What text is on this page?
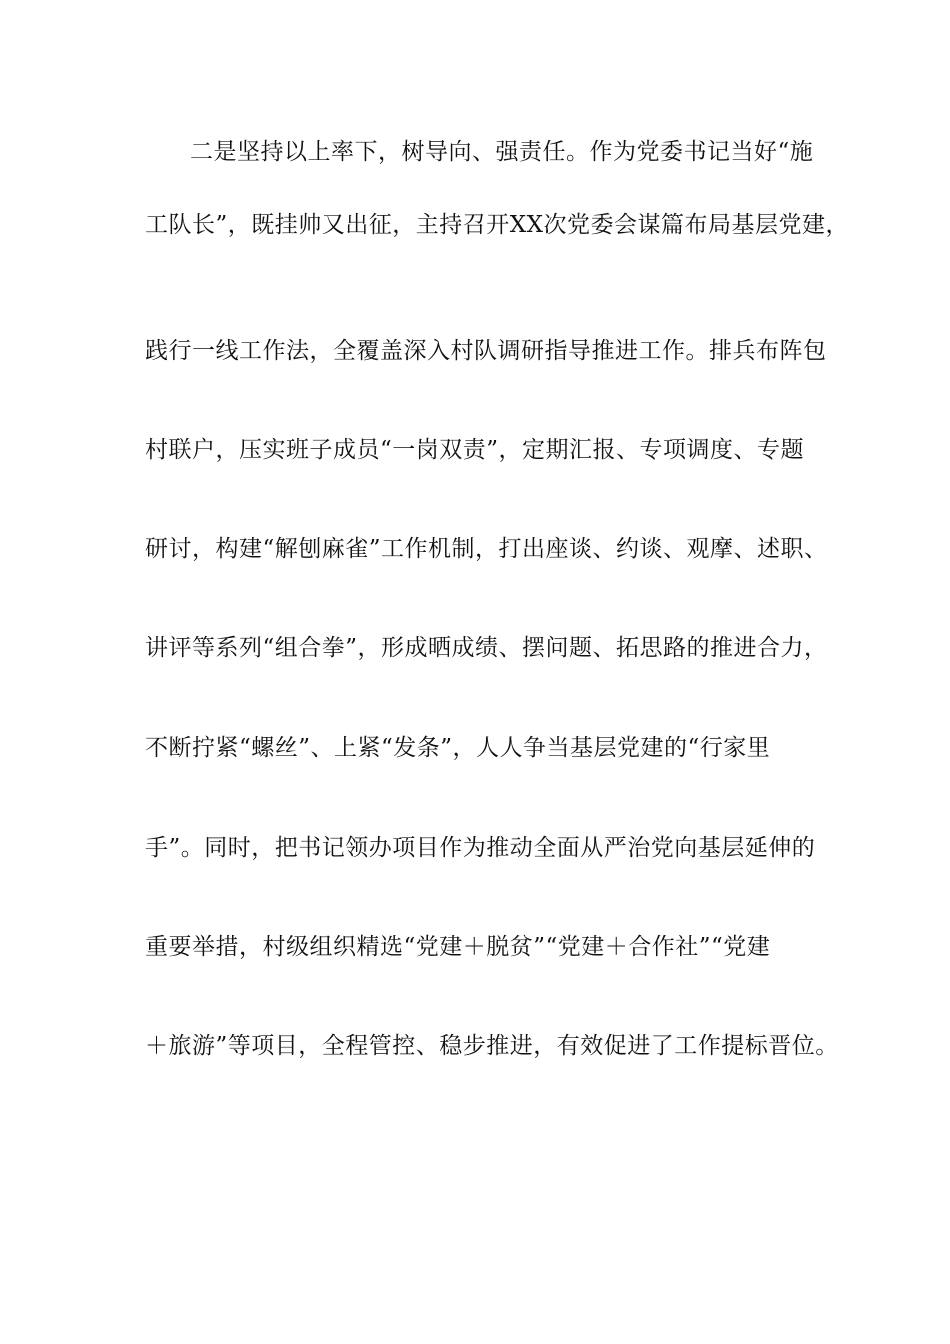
二是坚持以上率下，树导向、强责任。作为党委书记当好“施
工队长”，既挂帅又出征，主持召开XX次党委会谋篇布局基层党建，
践行一线工作法，全覆盖深入村队调研指导推进工作。排兵布阵包
村联户，压实班子成员“一岗双责”，定期汇报、专项调度、专题
研讨，构建“解刨麻雀”工作机制，打出座谈、约谈、观摩、述职、
讲评等系列“组合拳”，形成晒成绩、摆问题、拓思路的推进合力，
不断拧紧“螺丝”、上紧“发条”，人人争当基层党建的“行家里
手”。同时，把书记领办项目作为推动全面从严治党向基层延伸的
重要举措，村级组织精选“党建＋脱贫”“党建＋合作社”“党建
＋旅游”等项目，全程管控、稳步推进，有效促进了工作提标晋位。
